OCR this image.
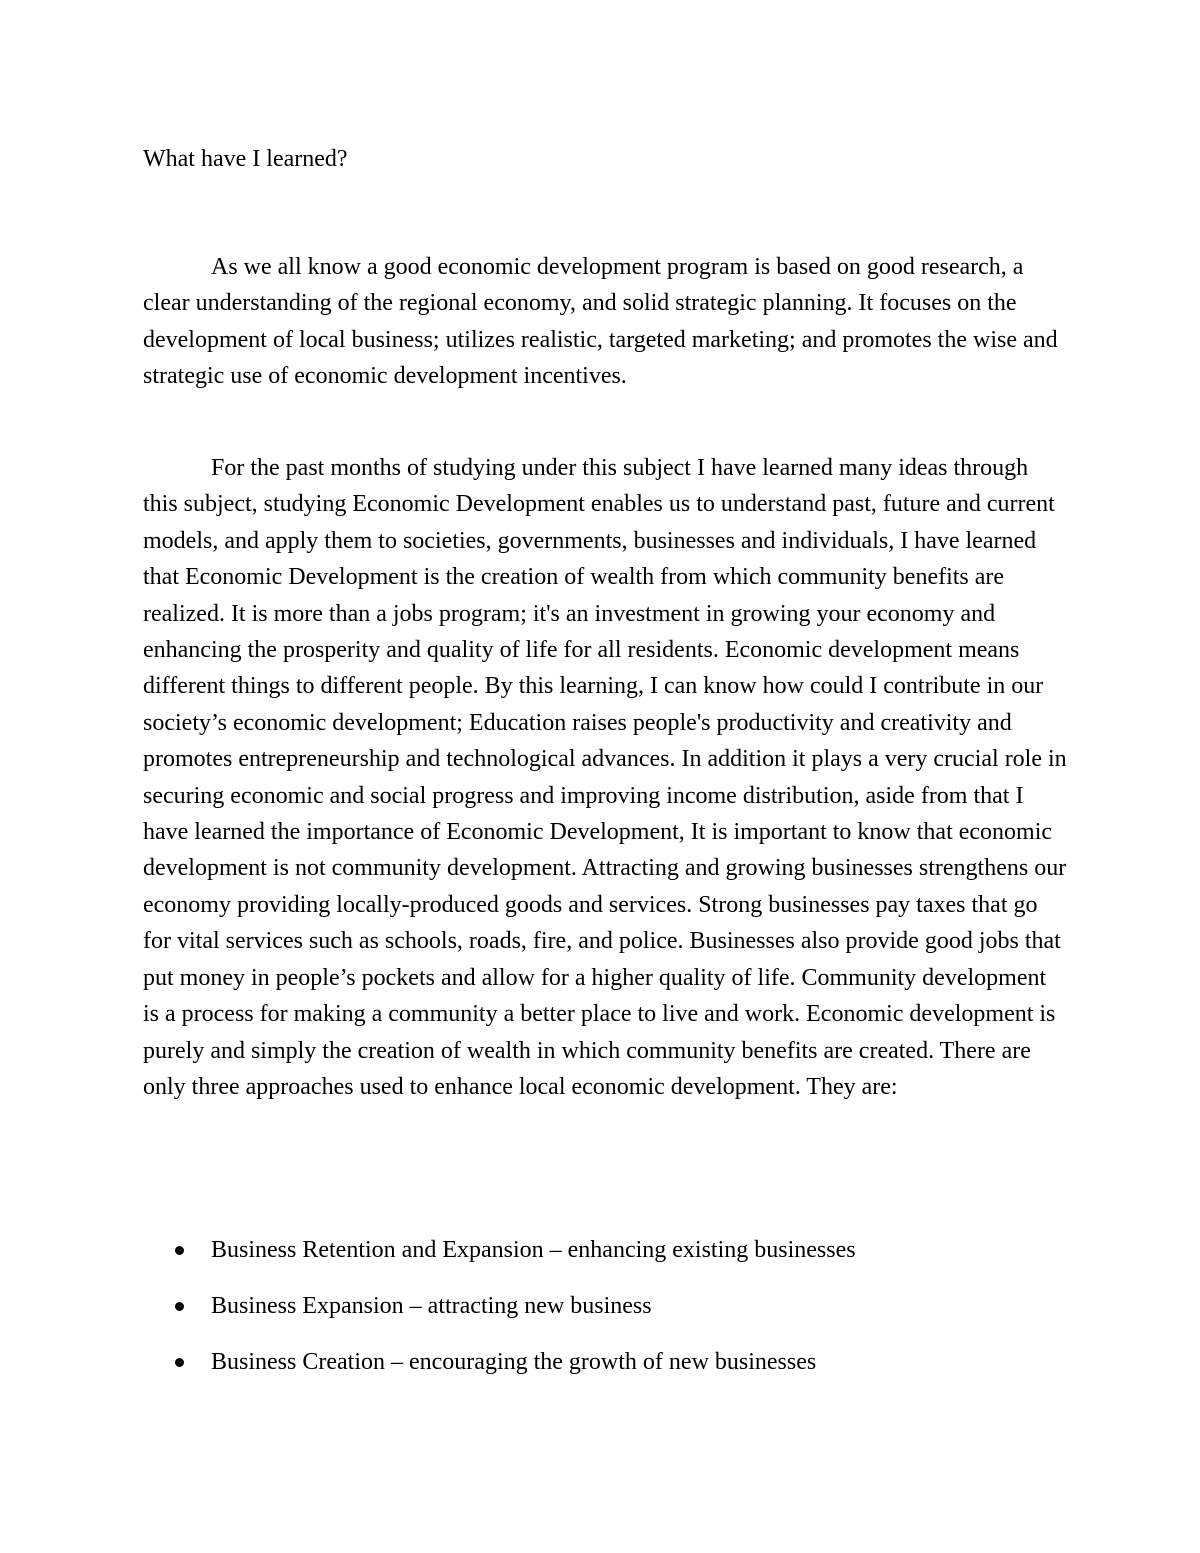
What have I learned?

As we all know a good economic development program is based on good research, a clear understanding of the regional economy, and solid strategic planning. It focuses on the development of local business; utilizes realistic, targeted marketing; and promotes the wise and strategic use of economic development incentives.

For the past months of studying under this subject I have learned many ideas through this subject, studying Economic Development enables us to understand past, future and current models, and apply them to societies, governments, businesses and individuals, I have learned that Economic Development is the creation of wealth from which community benefits are realized. It is more than a jobs program; it's an investment in growing your economy and enhancing the prosperity and quality of life for all residents. Economic development means different things to different people. By this learning, I can know how could I contribute in our society’s economic development; Education raises people's productivity and creativity and promotes entrepreneurship and technological advances. In addition it plays a very crucial role in securing economic and social progress and improving income distribution, aside from that I have learned the importance of Economic Development, It is important to know that economic development is not community development. Attracting and growing businesses strengthens our economy providing locally-produced goods and services. Strong businesses pay taxes that go for vital services such as schools, roads, fire, and police. Businesses also provide good jobs that put money in people’s pockets and allow for a higher quality of life. Community development is a process for making a community a better place to live and work. Economic development is purely and simply the creation of wealth in which community benefits are created. There are only three approaches used to enhance local economic development. They are:

Business Retention and Expansion – enhancing existing businesses
Business Expansion – attracting new business
Business Creation – encouraging the growth of new businesses
